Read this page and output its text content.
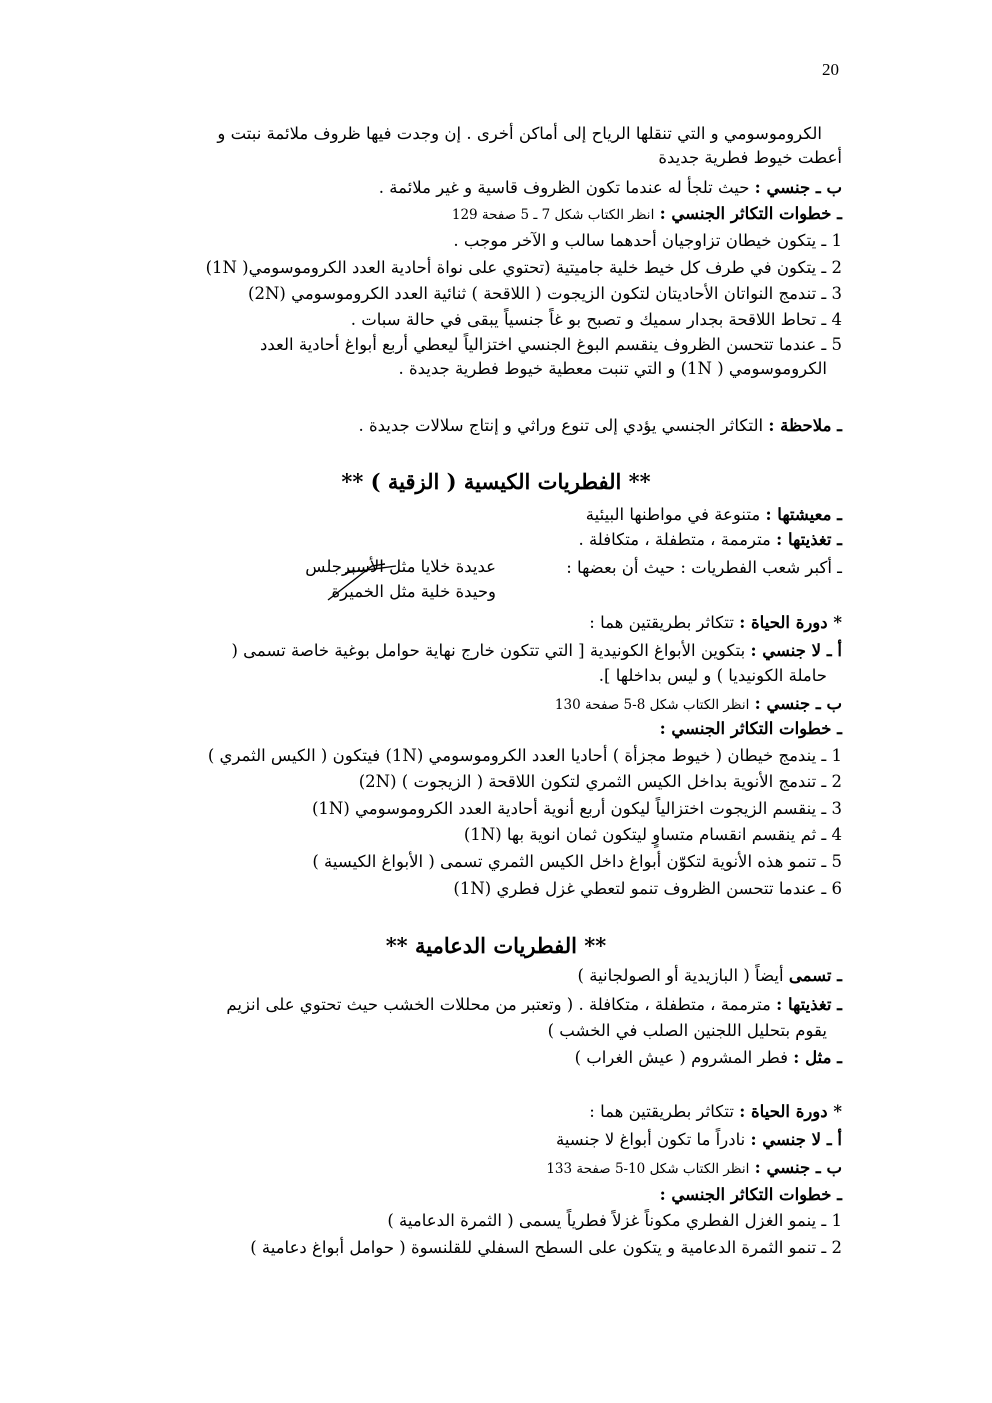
20
الكروموسومي و التي تنقلها الرياح إلى أماكن أخرى . إن وجدت فيها ظروف ملائمة نبتت و
أعطت خيوط فطرية جديدة
ب ـ جنسي : حيث تلجأ له عندما تكون الظروف قاسية و غير ملائمة .
ـ خطوات التكاثر الجنسي : انظر الكتاب شكل 7 ـ 5 صفحة 129
1 ـ يتكون خيطان تزاوجيان أحدهما سالب و الآخر موجب .
2 ـ يتكون في طرف كل خيط خلية جاميتية (تحتوي على نواة أحادية العدد الكروموسومي( 1N)
3 ـ تندمج النواتان الأحاديتان لتكون الزيجوت ( اللاقحة ) ثنائية العدد الكروموسومي (2N)
4 ـ تحاط اللاقحة بجدار سميك و تصبح بو غاً جنسياً يبقى في حالة سبات .
5 ـ عندما تتحسن الظروف ينقسم البوغ الجنسي اختزالياً ليعطي أربع أبواغ أحادية العدد
الكروموسومي ( 1N) و التي تنبت معطية خيوط فطرية جديدة .
ـ ملاحظة : التكاثر الجنسي يؤدي إلى تنوع وراثي و إنتاج سلالات جديدة .
** الفطريات الكيسية ( الزقية ) **
ـ معيشتها : متنوعة في مواطنها البيئية
ـ تغذيتها : مترممة ، متطفلة ، متكافلة .
ـ أكبر شعب الفطريات : حيث أن بعضها :
عديدة خلايا مثل الأسبرجلس
وحيدة خلية مثل الخميرة
* دورة الحياة : تتكاثر بطريقتين هما :
أ ـ لا جنسي : بتكوين الأبواغ الكونيدية [ التي تتكون خارج نهاية حوامل بوغية خاصة تسمى (
حاملة الكونيديا ) و ليس بداخلها ].
ب ـ جنسي : انظر الكتاب شكل 8-5 صفحة 130
ـ خطوات التكاثر الجنسي :
1 ـ يندمج خيطان ( خيوط مجزأة ) أحاديا العدد الكروموسومي (1N) فيتكون ( الكيس الثمري )
2 ـ تندمج الأنوية بداخل الكيس الثمري لتكون اللاقحة ( الزيجوت ) (2N)
3 ـ ينقسم الزيجوت اختزالياً ليكون أربع أنوية أحادية العدد الكروموسومي (1N)
4 ـ ثم ينقسم انقسام متساوٍ ليتكون ثمان انوية بها (1N)
5 ـ تنمو هذه الأنوية لتكوّن أبواغ داخل الكيس الثمري تسمى ( الأبواغ الكيسية )
6 ـ عندما تتحسن الظروف تنمو لتعطي غزل فطري (1N)
** الفطريات الدعامية **
ـ تسمى أيضاً ( البازيدية أو الصولجانية )
ـ تغذيتها : مترممة ، متطفلة ، متكافلة . ( وتعتبر من محللات الخشب حيث تحتوي على انزيم
يقوم بتحليل اللجنين الصلب في الخشب )
ـ مثل : فطر المشروم ( عيش الغراب )
* دورة الحياة : تتكاثر بطريقتين هما :
أ ـ لا جنسي : نادراً ما تكون أبواغ لا جنسية
ب ـ جنسي : انظر الكتاب شكل 10-5 صفحة 133
ـ خطوات التكاثر الجنسي :
1 ـ ينمو الغزل الفطري مكوناً غزلاً فطرياً يسمى ( الثمرة الدعامية )
2 ـ تنمو الثمرة الدعامية و يتكون على السطح السفلي للقلنسوة ( حوامل أبواغ دعامية )
